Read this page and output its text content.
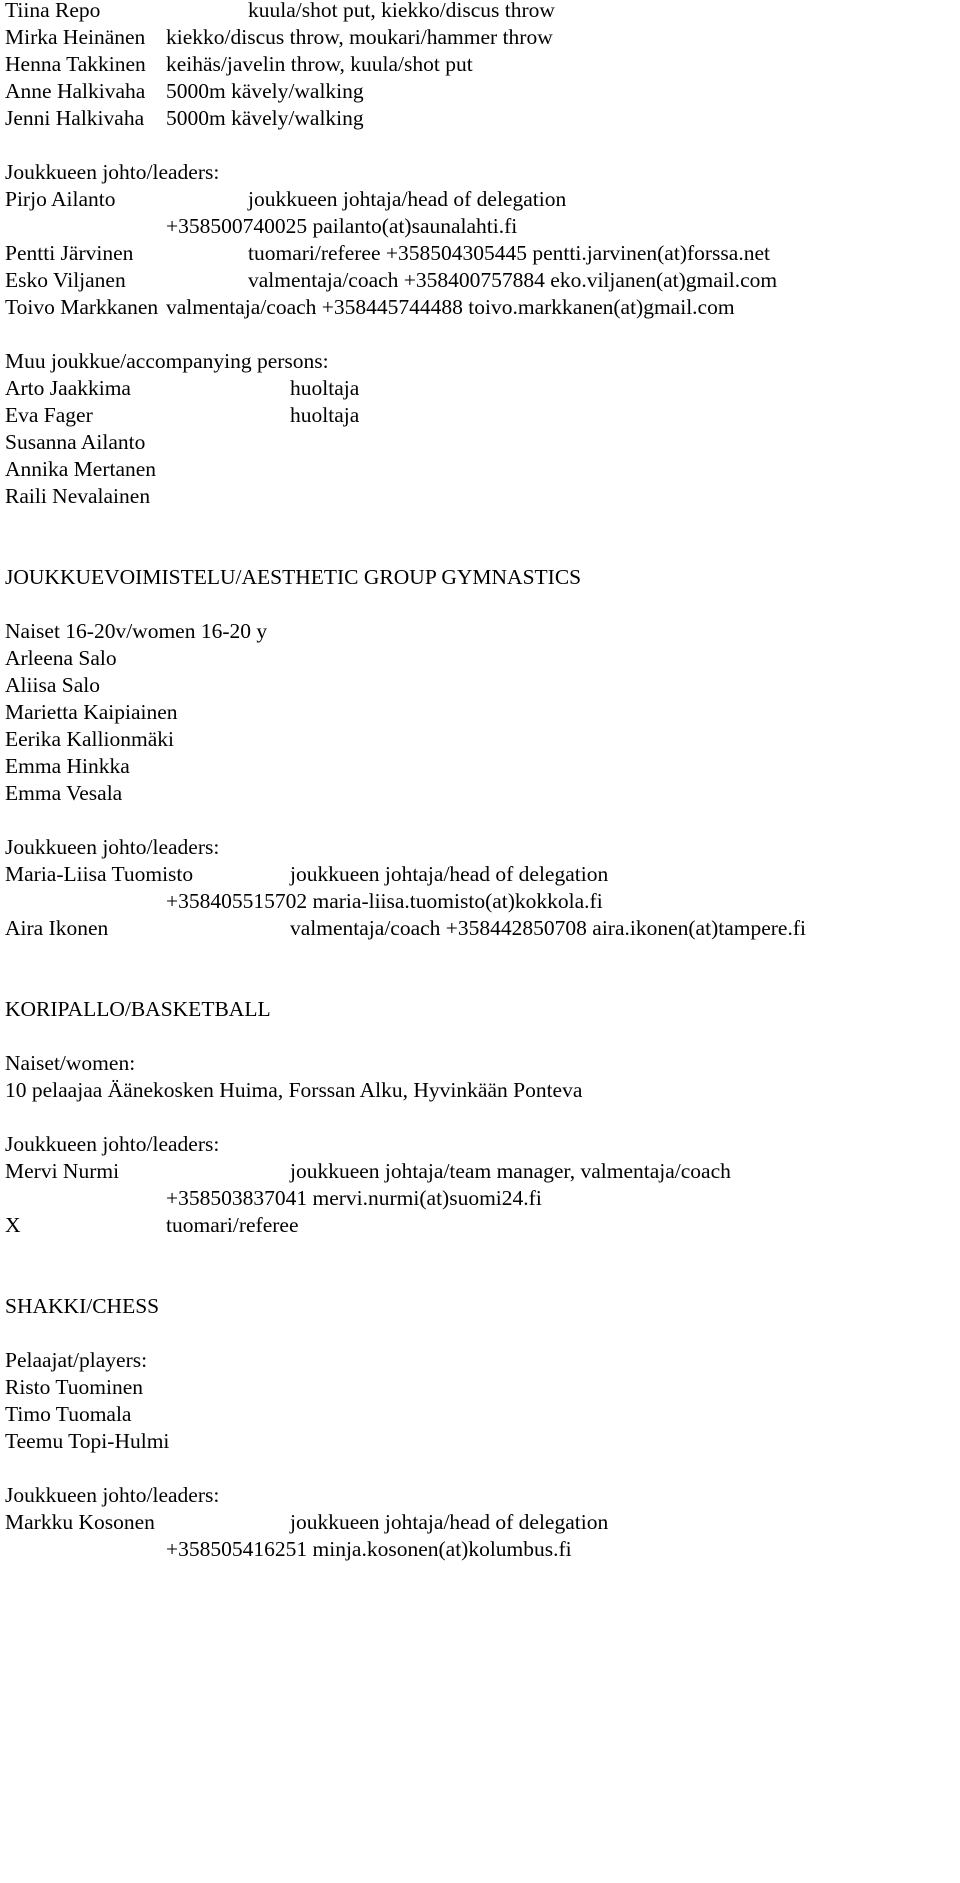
Tiina Repo	kuula/shot put, kiekko/discus throw
Mirka Heinänen kiekko/discus throw, moukari/hammer throw
Henna Takkinen keihäs/javelin throw, kuula/shot put
Anne Halkivaha 5000m kävely/walking
Jenni Halkivaha 5000m kävely/walking
Joukkueen johto/leaders:
Pirjo Ailanto	joukkueen johtaja/head of delegation
+358500740025 pailanto(at)saunalahti.fi
Pentti Järvinen	tuomari/referee +358504305445 pentti.jarvinen(at)forssa.net
Esko Viljanen	valmentaja/coach +358400757884 eko.viljanen(at)gmail.com
Toivo Markkanen valmentaja/coach +358445744488 toivo.markkanen(at)gmail.com
Muu joukkue/accompanying persons:
Arto Jaakkima	huoltaja
Eva Fager	huoltaja
Susanna Ailanto
Annika Mertanen
Raili Nevalainen
JOUKKUEVOIMISTELU/AESTHETIC GROUP GYMNASTICS
Naiset 16-20v/women 16-20 y
Arleena Salo
Aliisa Salo
Marietta Kaipiainen
Eerika Kallionmäki
Emma Hinkka
Emma Vesala
Joukkueen johto/leaders:
Maria-Liisa Tuomisto	joukkueen johtaja/head of delegation
+358405515702 maria-liisa.tuomisto(at)kokkola.fi
Aira Ikonen	valmentaja/coach +358442850708 aira.ikonen(at)tampere.fi
KORIPALLO/BASKETBALL
Naiset/women:
10 pelaajaa Äänekosken Huima, Forssan Alku, Hyvinkään Ponteva
Joukkueen johto/leaders:
Mervi Nurmi	joukkueen johtaja/team manager, valmentaja/coach
+358503837041 mervi.nurmi(at)suomi24.fi
X	tuomari/referee
SHAKKI/CHESS
Pelaajat/players:
Risto Tuominen
Timo Tuomala
Teemu Topi-Hulmi
Joukkueen johto/leaders:
Markku Kosonen	joukkueen johtaja/head of delegation
+358505416251 minja.kosonen(at)kolumbus.fi
